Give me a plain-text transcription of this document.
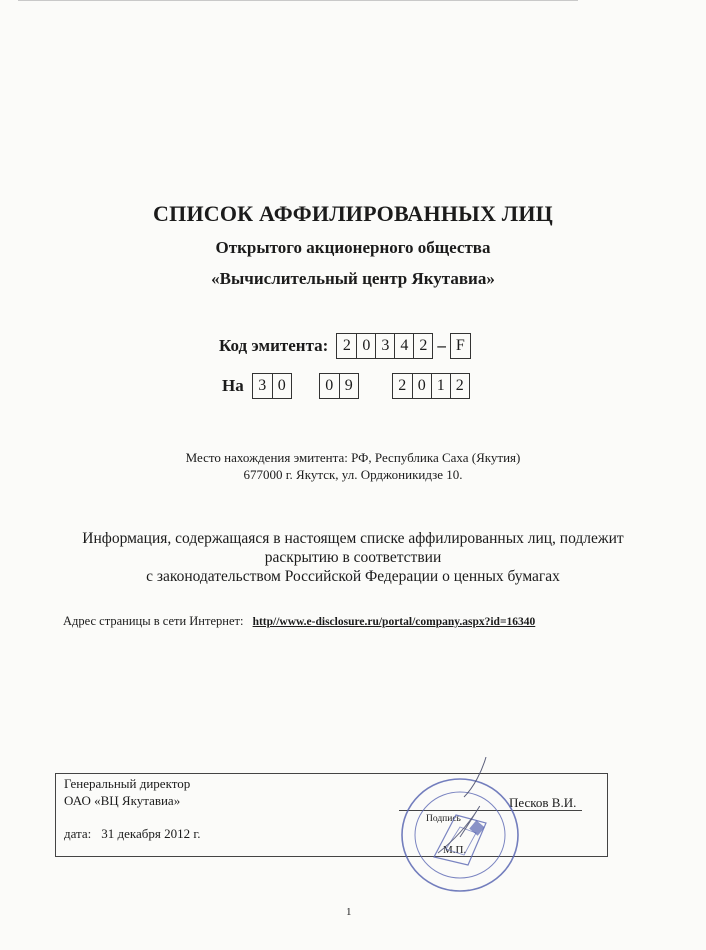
СПИСОК АФФИЛИРОВАННЫХ ЛИЦ
Открытого акционерного общества
«Вычислительный центр Якутавиа»
Код эмитента: 2 0 3 4 2 – F
На 3 0	0 9	2 0 1 2
Место нахождения эмитента: РФ, Республика Саха (Якутия)
677000 г. Якутск, ул. Орджоникидзе 10.
Информация, содержащаяся в настоящем списке аффилированных лиц, подлежит
раскрытию в соответствии
с законодательством Российской Федерации о ценных бумагах
Адрес страницы в сети Интернет: http//www.e-disclosure.ru/portal/company.aspx?id=16340
Генеральный директор
ОАО «ВЦ Якутавиа»	Песков В.И.
Подпись
М.П.
дата: 31 декабря 2012 г.
1
